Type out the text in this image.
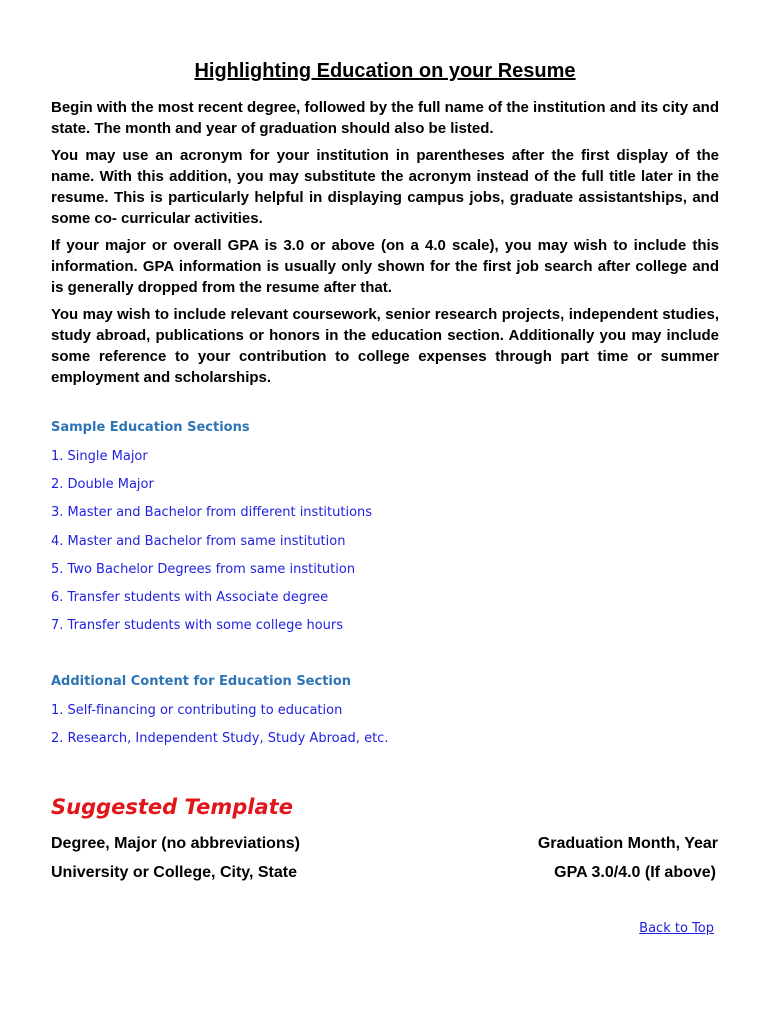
Highlighting Education on your Resume

Begin with the most recent degree, followed by the full name of the institution and its city and state. The month and year of graduation should also be listed.

You may use an acronym for your institution in parentheses after the first display of the name. With this addition, you may substitute the acronym instead of the full title later in the resume. This is particularly helpful in displaying campus jobs, graduate assistantships, and some co- curricular activities.

If your major or overall GPA is 3.0 or above (on a 4.0 scale), you may wish to include this information. GPA information is usually only shown for the first job search after college and is generally dropped from the resume after that.

You may wish to include relevant coursework, senior research projects, independent studies, study abroad, publications or honors in the education section. Additionally you may include some reference to your contribution to college expenses through part time or summer employment and scholarships.

Sample Education Sections
1. Single Major
2. Double Major
3. Master and Bachelor from different institutions
4. Master and Bachelor from same institution
5. Two Bachelor Degrees from same institution
6. Transfer students with Associate degree
7. Transfer students with some college hours
Additional Content for Education Section
1. Self-financing or contributing to education
2. Research, Independent Study, Study Abroad, etc.
Suggested Template
Degree, Major (no abbreviations)	Graduation Month, Year
University or College, City, State	GPA 3.0/4.0 (If above)
Back to Top
